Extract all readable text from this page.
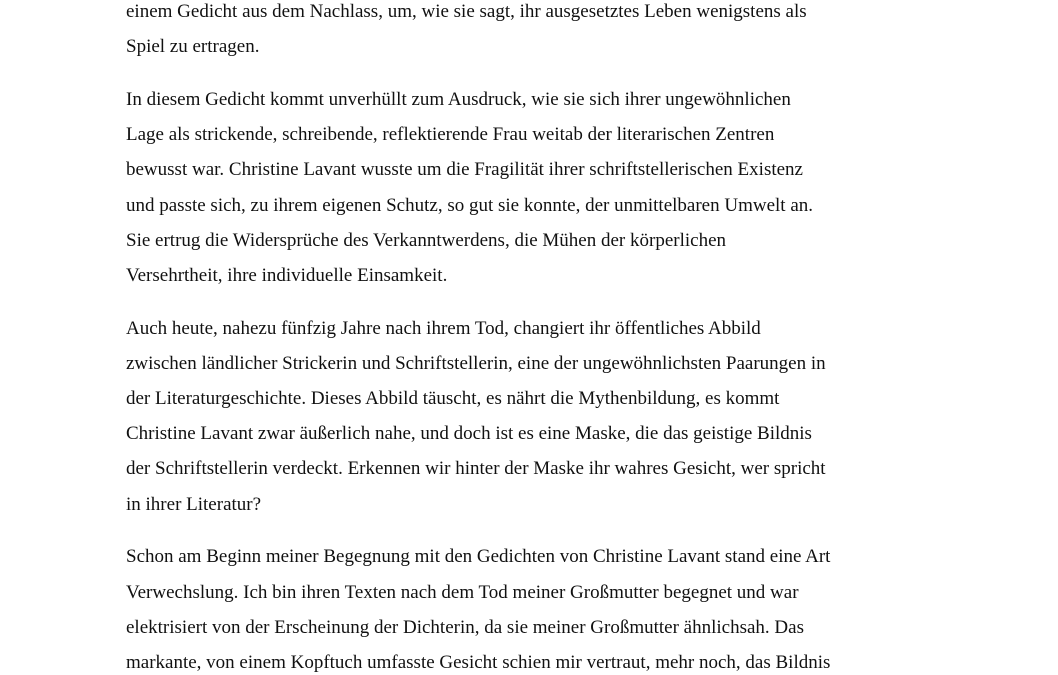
einem Gedicht aus dem Nachlass, um, wie sie sagt, ihr ausgesetztes Leben wenigstens als
Spiel zu ertragen.
In diesem Gedicht kommt unverhüllt zum Ausdruck, wie sie sich ihrer ungewöhnlichen
Lage als strickende, schreibende, reflektierende Frau weitab der literarischen Zentren
bewusst war. Christine Lavant wusste um die Fragilität ihrer schriftstellerischen Existenz
und passte sich, zu ihrem eigenen Schutz, so gut sie konnte, der unmittelbaren Umwelt an.
Sie ertrug die Widersprüche des Verkanntwerdens, die Mühen der körperlichen
Versehrtheit, ihre individuelle Einsamkeit.
Auch heute, nahezu fünfzig Jahre nach ihrem Tod, changiert ihr öffentliches Abbild
zwischen ländlicher Strickerin und Schriftstellerin, eine der ungewöhnlichsten Paarungen in
der Literaturgeschichte. Dieses Abbild täuscht, es nährt die Mythenbildung, es kommt
Christine Lavant zwar äußerlich nahe, und doch ist es eine Maske, die das geistige Bildnis
der Schriftstellerin verdeckt. Erkennen wir hinter der Maske ihr wahres Gesicht, wer spricht
in ihrer Literatur?
Schon am Beginn meiner Begegnung mit den Gedichten von Christine Lavant stand eine Art
Verwechslung. Ich bin ihren Texten nach dem Tod meiner Großmutter begegnet und war
elektrisiert von der Erscheinung der Dichterin, da sie meiner Großmutter ähnlichsah. Das
markante, von einem Kopftuch umfasste Gesicht schien mir vertraut, mehr noch, das Bildnis
